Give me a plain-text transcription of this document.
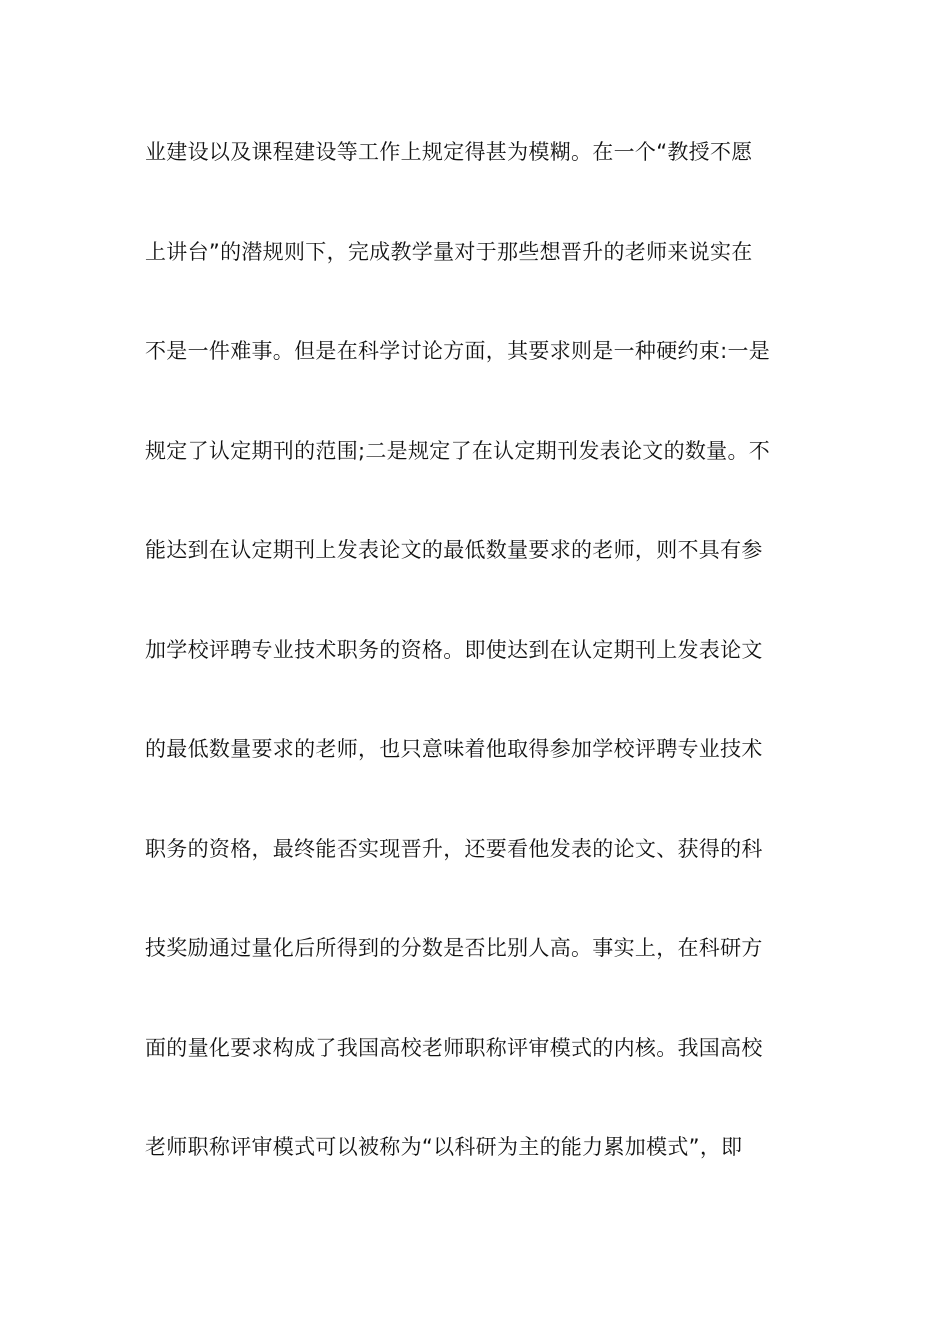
业建设以及课程建设等工作上规定得甚为模糊。在一个“教授不愿
上讲台”的潜规则下，完成教学量对于那些想晋升的老师来说实在
不是一件难事。但是在科学讨论方面，其要求则是一种硬约束:一是
规定了认定期刊的范围;二是规定了在认定期刊发表论文的数量。不
能达到在认定期刊上发表论文的最低数量要求的老师，则不具有参
加学校评聘专业技术职务的资格。即使达到在认定期刊上发表论文
的最低数量要求的老师，也只意味着他取得参加学校评聘专业技术
职务的资格，最终能否实现晋升，还要看他发表的论文、获得的科
技奖励通过量化后所得到的分数是否比别人高。事实上，在科研方
面的量化要求构成了我国高校老师职称评审模式的内核。我国高校
老师职称评审模式可以被称为“以科研为主的能力累加模式”，即
